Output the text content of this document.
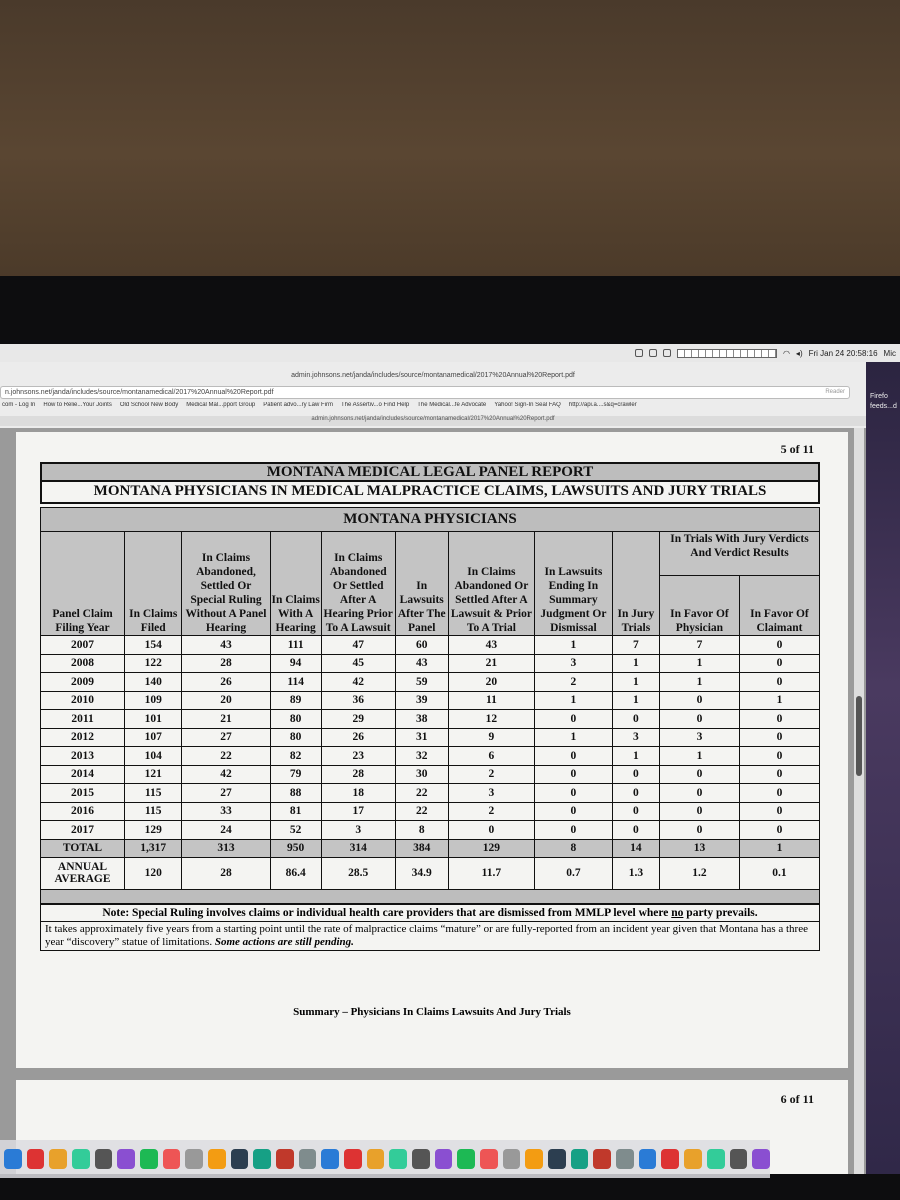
◠ ◂) Fri Jan 24 20:58:16 Mic
Firefo feeds...d
admin.johnsons.net/janda/includes/source/montanamedical/2017%20Annual%20Report.pdf
n.johnsons.net/janda/includes/source/montanamedical/2017%20Annual%20Report.pdf	Reader
com - Log In How to Relie...Your Joints Old School New Body Medical Mal...pport Group Patient advo...ry Law Firm The Assertiv...o Find Help The Medical...fe Advocate Yahoo! Sign-In Seal FAQ http://api.a....s&q=crawler
admin.johnsons.net/janda/includes/source/montanamedical/2017%20Annual%20Report.pdf
5 of 11
MONTANA MEDICAL LEGAL PANEL REPORT
MONTANA PHYSICIANS IN MEDICAL MALPRACTICE CLAIMS, LAWSUITS AND JURY TRIALS
MONTANA PHYSICIANS										
Panel Claim Filing Year	In Claims Filed	In Claims Abandoned, Settled Or Special Ruling Without A Panel Hearing	In Claims With A Hearing	In Claims Abandoned Or Settled After A Hearing Prior To A Lawsuit	In Lawsuits After The Panel	In Claims Abandoned Or Settled After A Lawsuit & Prior To A Trial	In Lawsuits Ending In Summary Judgment Or Dismissal	In Jury Trials	In Trials With Jury Verdicts And Verdict Results	
									In Favor Of Physician	In Favor Of Claimant
2007	154	43	111	47	60	43	1	7	7	0
2008	122	28	94	45	43	21	3	1	1	0
2009	140	26	114	42	59	20	2	1	1	0
2010	109	20	89	36	39	11	1	1	0	1
2011	101	21	80	29	38	12	0	0	0	0
2012	107	27	80	26	31	9	1	3	3	0
2013	104	22	82	23	32	6	0	1	1	0
2014	121	42	79	28	30	2	0	0	0	0
2015	115	27	88	18	22	3	0	0	0	0
2016	115	33	81	17	22	2	0	0	0	0
2017	129	24	52	3	8	0	0	0	0	0
TOTAL	1,317	313	950	314	384	129	8	14	13	1
ANNUAL AVERAGE	120	28	86.4	28.5	34.9	11.7	0.7	1.3	1.2	0.1

Note: Special Ruling involves claims or individual health care providers that are dismissed from MMLP level where no party prevails.
It takes approximately five years from a starting point until the rate of malpractice claims “mature” or are fully-reported from an incident year given that Montana has a three year “discovery” statue of limitations. Some actions are still pending.
Summary – Physicians In Claims Lawsuits And Jury Trials
6 of 11
